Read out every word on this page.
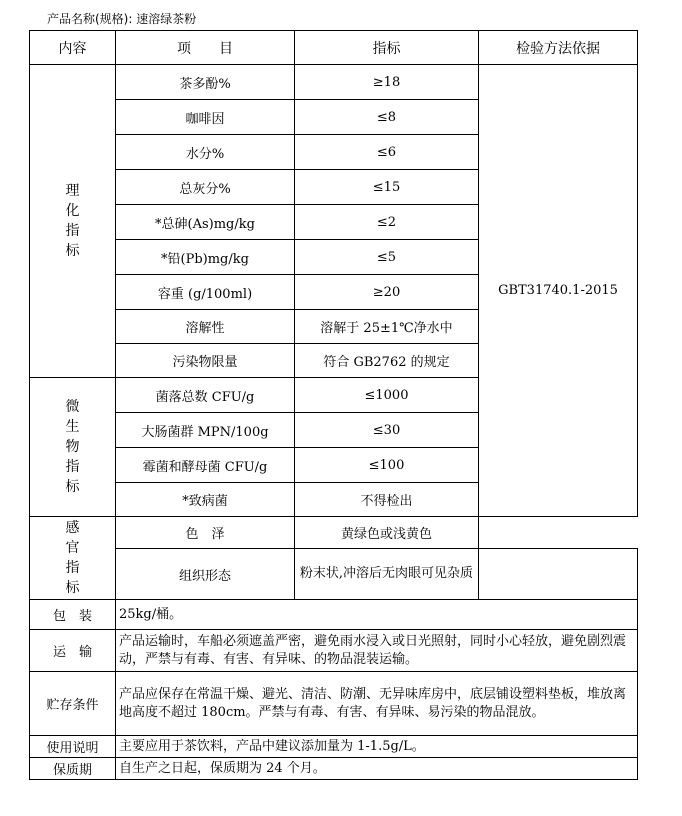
产品名称(规格): 速溶绿茶粉
内容	项　　目	指标	检验方法依据

理
化
指
标	茶多酚%	≥18	GBT31740.1-2015
	咖啡因	≤8	
	水分%	≤6	
	总灰分%	≤15	
	*总砷(As)mg/kg	≤2	
	*铅(Pb)mg/kg	≤5	
	容重 (g/100ml)	≥20	
	溶解性	溶解于 25±1℃净水中	
	污染物限量	符合 GB2762 的规定	

微
生
物
指
标	菌落总数 CFU/g	≤1000	
	大肠菌群 MPN/100g	≤30	
	霉菌和酵母菌 CFU/g	≤100	
	*致病菌	不得检出	

感
官
指
标	色　泽	黄绿色或浅黄色	
	组织形态	粉末状,冲溶后无肉眼可见杂质	
包　装	25kg/桶。		
运　输	产品运输时，车船必须遮盖严密，避免雨水浸入或日光照射，同时小心轻放，避免剧烈震动，严禁与有毒、有害、有异味、的物品混装运输。		
贮存条件	产品应保存在常温干燥、避光、清洁、防潮、无异味库房中，底层铺设塑料垫板，堆放离地高度不超过 180cm。严禁与有毒、有害、有异味、易污染的物品混放。		
使用说明	主要应用于茶饮料，产品中建议添加量为 1-1.5g/L。		
保质期	自生产之日起，保质期为 24 个月。		
